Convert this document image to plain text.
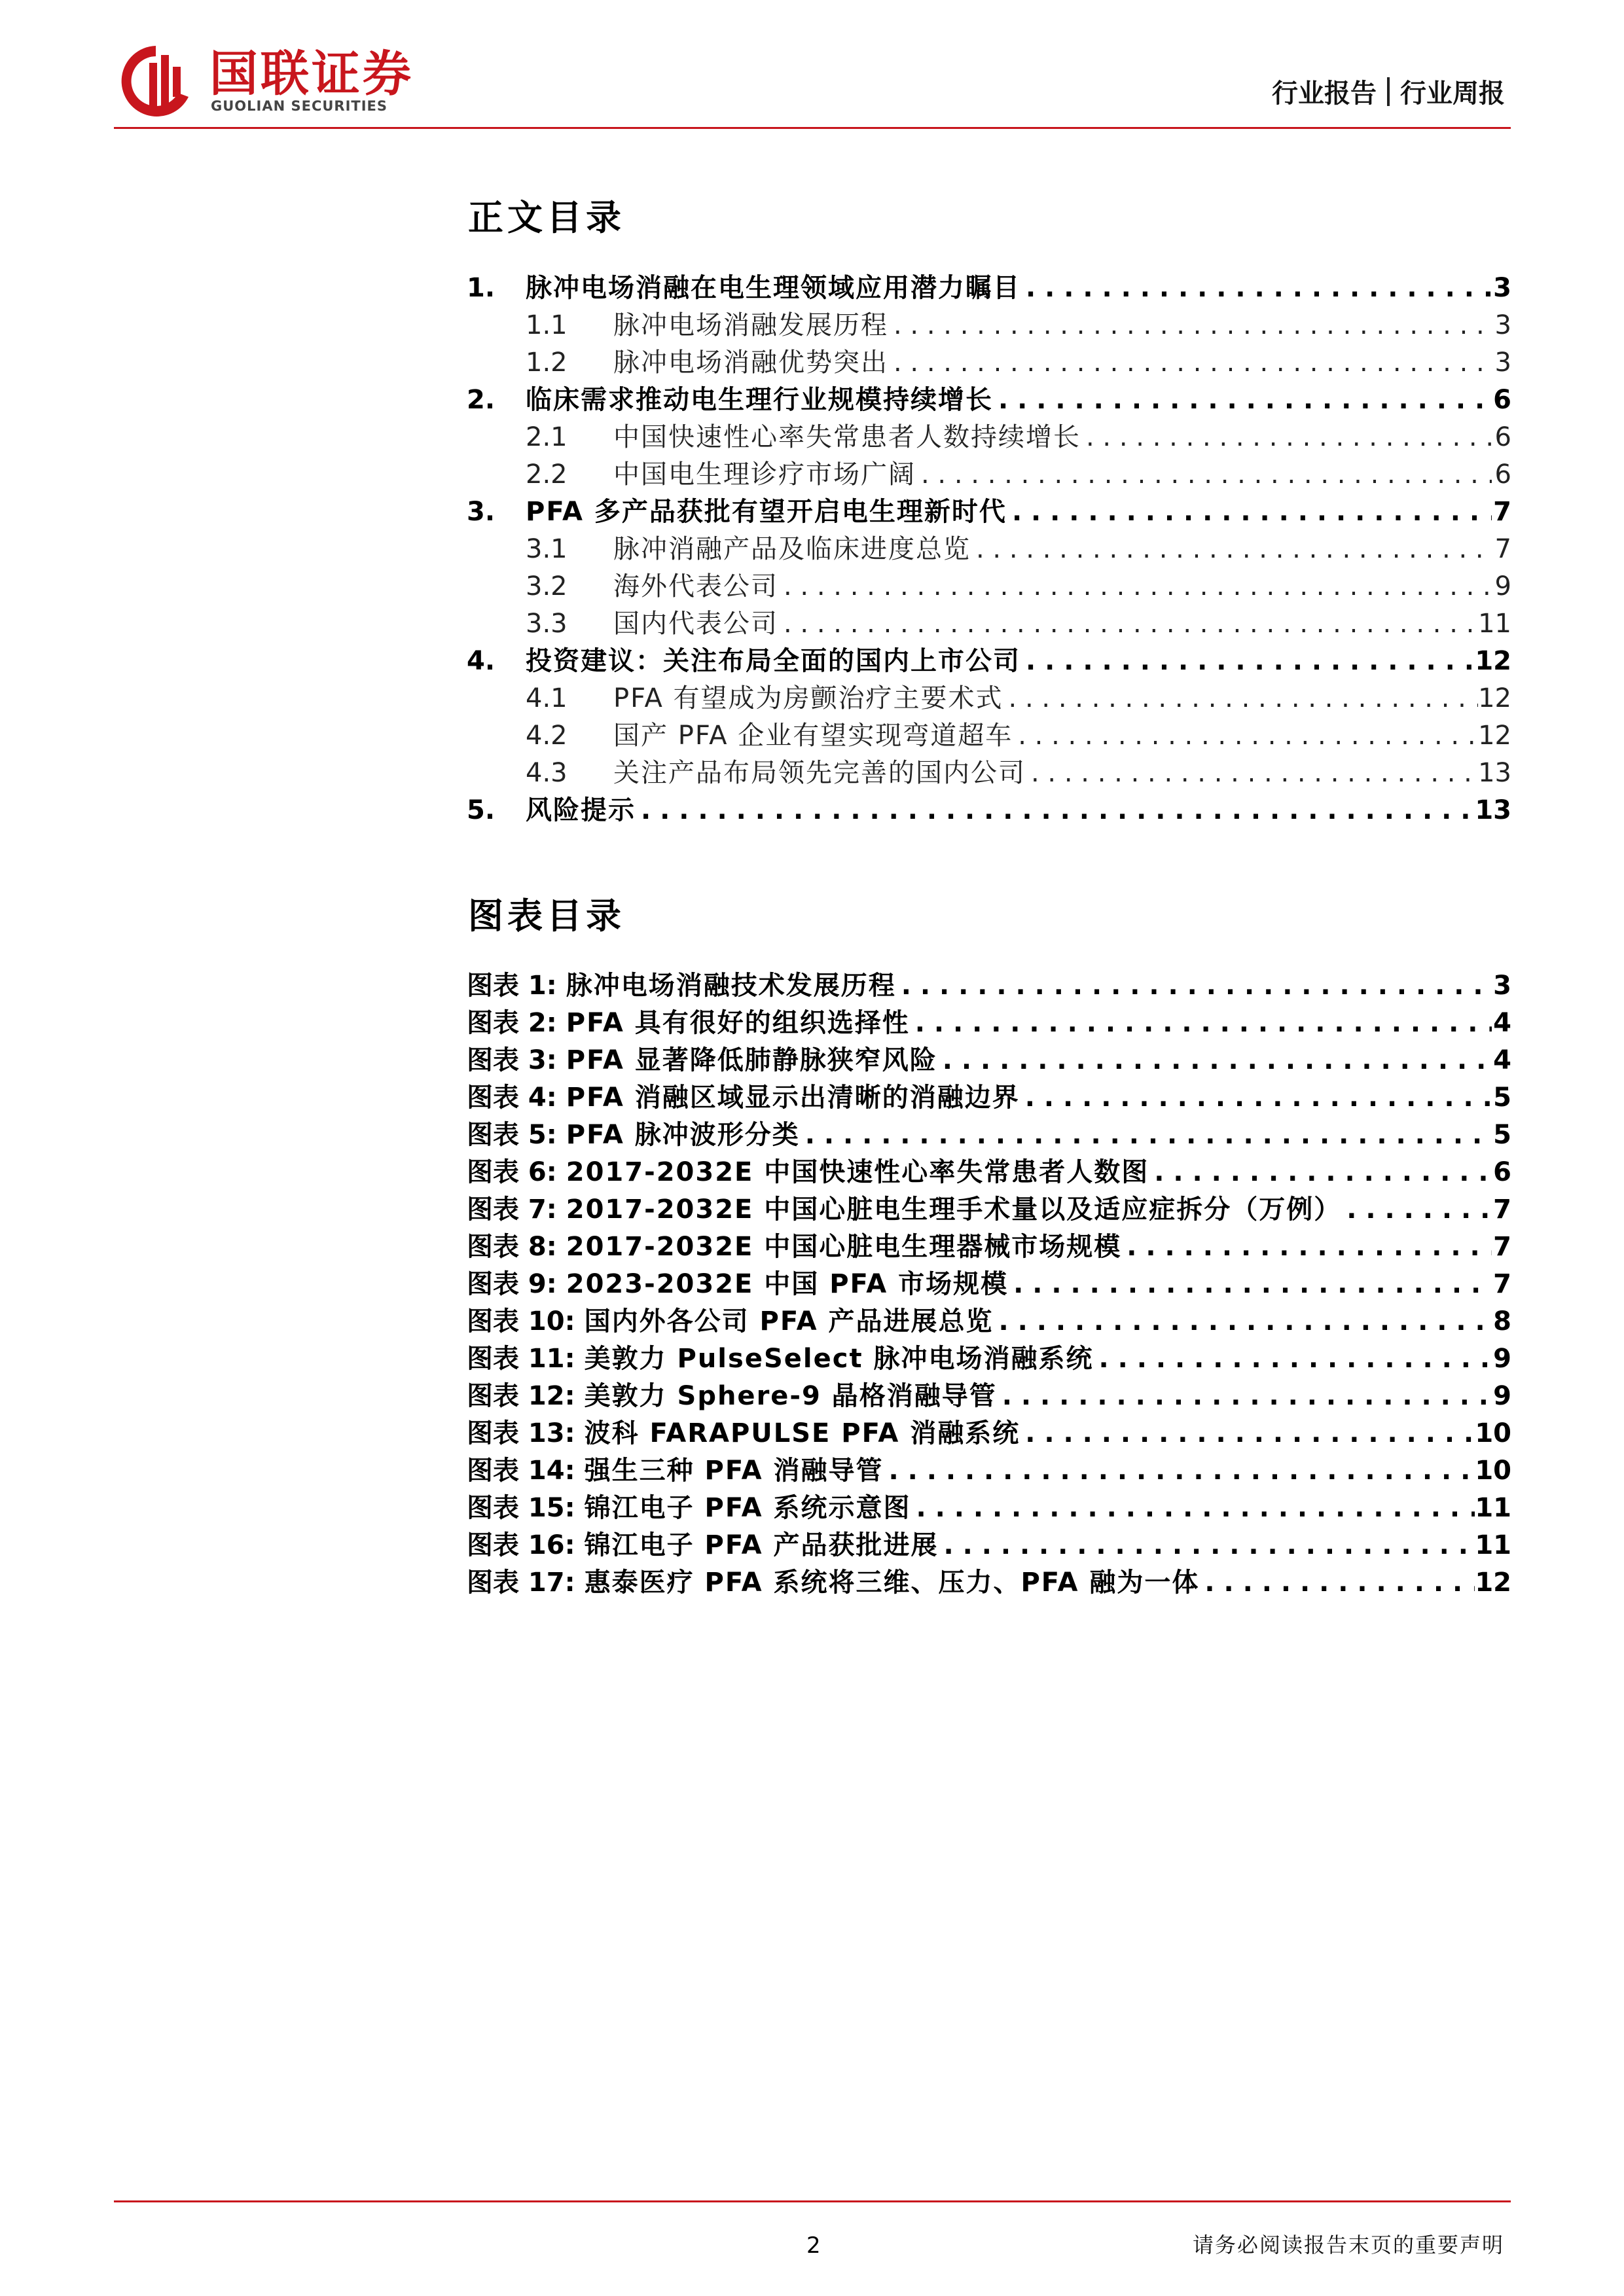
国联证券
GUOLIAN SECURITIES	行业报告 行业周报
正文目录
1.	脉冲电场消融在电生理领域应用潜力瞩目 . . .	3
1.1	脉冲电场消融发展历程 . . .	3
1.2	脉冲电场消融优势突出 . . .	3
2.	临床需求推动电生理行业规模持续增长 . . .	6
2.1	中国快速性心率失常患者人数持续增长 . . .	6
2.2	中国电生理诊疗市场广阔 . . .	6
3.	PFA 多产品获批有望开启电生理新时代 . . .	7
3.1	脉冲消融产品及临床进度总览 . . .	7
3.2	海外代表公司 . . .	9
3.3	国内代表公司 . . .	11
4.	投资建议：关注布局全面的国内上市公司 . . .	12
4.1	PFA 有望成为房颤治疗主要术式 . . .	12
4.2	国产 PFA 企业有望实现弯道超车 . . .	12
4.3	关注产品布局领先完善的国内公司 . . .	13
5.	风险提示 . . .	13
图表目录
图表 1: 脉冲电场消融技术发展历程 . . .	3
图表 2: PFA 具有很好的组织选择性 . . .	4
图表 3: PFA 显著降低肺静脉狭窄风险 . . .	4
图表 4: PFA 消融区域显示出清晰的消融边界 . . .	5
图表 5: PFA 脉冲波形分类 . . .	5
图表 6: 2017-2032E 中国快速性心率失常患者人数图 . . .	6
图表 7: 2017-2032E 中国心脏电生理手术量以及适应症拆分（万例） . . .	7
图表 8: 2017-2032E 中国心脏电生理器械市场规模 . . .	7
图表 9: 2023-2032E 中国 PFA 市场规模 . . .	7
图表 10: 国内外各公司 PFA 产品进展总览 . . .	8
图表 11: 美敦力 PulseSelect 脉冲电场消融系统 . . .	9
图表 12: 美敦力 Sphere-9 晶格消融导管 . . .	9
图表 13: 波科 FARAPULSE PFA 消融系统 . . .	10
图表 14: 强生三种 PFA 消融导管 . . .	10
图表 15: 锦江电子 PFA 系统示意图 . . .	11
图表 16: 锦江电子 PFA 产品获批进展 . . .	11
图表 17: 惠泰医疗 PFA 系统将三维、压力、PFA 融为一体 . . .	12
2	请务必阅读报告末页的重要声明
